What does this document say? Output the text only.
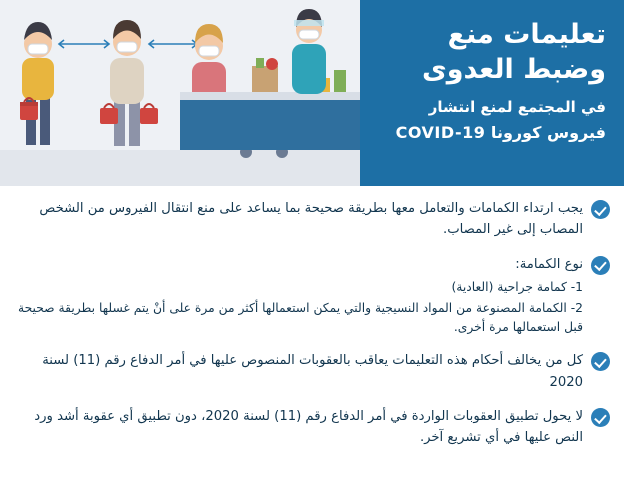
تعليمات منع
وضبط العدوى
في المجتمع لمنع انتشار
فيروس كورونا COVID-19
يجب ارتداء الكمامات والتعامل معها بطريقة صحيحة بما يساعد على منع انتقال الفيروس من الشخص المصاب إلى غير المصاب.
نوع الكمامة:
1- كمامة جراحية (العادية)
2- الكمامة المصنوعة من المواد النسيجية والتي يمكن استعمالها أكثر من مرة على أنْ يتم غسلها بطريقة صحيحة قبل استعمالها مرة أخرى.
كل من يخالف أحكام هذه التعليمات يعاقب بالعقوبات المنصوص عليها في أمر الدفاع رقم (11) لسنة 2020
لا يحول تطبيق العقوبات الواردة في أمر الدفاع رقم (11) لسنة 2020، دون تطبيق أي عقوبة أشد ورد النص عليها في أي تشريع آخر.
